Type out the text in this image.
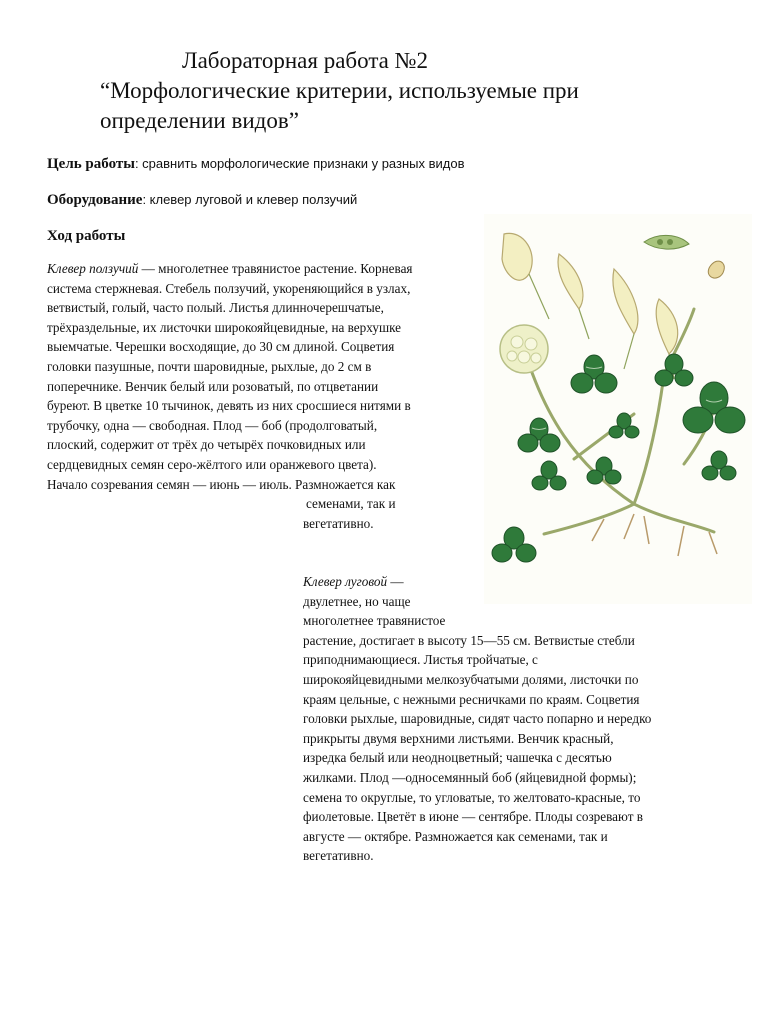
Лабораторная работа №2
“Морфологические критерии, используемые при
определении видов”
Цель работы: сравнить морфологические признаки у разных видов
Оборудование: клевер луговой и клевер ползучий
Ход работы
Клевер ползучий — многолетнее травянистое растение. Корневая
система стержневая. Стебель ползучий, укореняющийся в узлах,
ветвистый, голый, часто полый. Листья длинночерешчатые,
трёхраздельные, их листочки широкояйцевидные, на верхушке
выемчатые. Черешки восходящие, до 30 см длиной. Соцветия
головки пазушные, почти шаровидные, рыхлые, до 2 см в
поперечнике. Венчик белый или розоватый, по отцветании
буреют. В цветке 10 тычинок, девять из них сросшиеся нитями в
трубочку, одна — свободная. Плод — боб (продолговатый,
плоский, содержит от трёх до четырёх почковидных или
сердцевидных семян серо-жёлтого или оранжевого цвета).
Начало созревания семян — июнь — июль. Размножается как
семенами, так и
вегетативно.
Клевер луговой —
двулетнее, но чаще
многолетнее травянистое
растение, достигает в высоту 15—55 см. Ветвистые стебли
приподнимающиеся. Листья тройчатые, с
широкояйцевидными мелкозубчатыми долями, листочки по
краям цельные, с нежными ресничками по краям. Соцветия
головки рыхлые, шаровидные, сидят часто попарно и нередко
прикрыты двумя верхними листьями. Венчик красный,
изредка белый или неодноцветный; чашечка с десятью
жилками. Плод —односемянный боб (яйцевидной формы);
семена то округлые, то угловатые, то желтовато-красные, то
фиолетовые. Цветёт в июне — сентябре. Плоды созревают в
августе — октябре. Размножается как семенами, так и
вегетативно.
